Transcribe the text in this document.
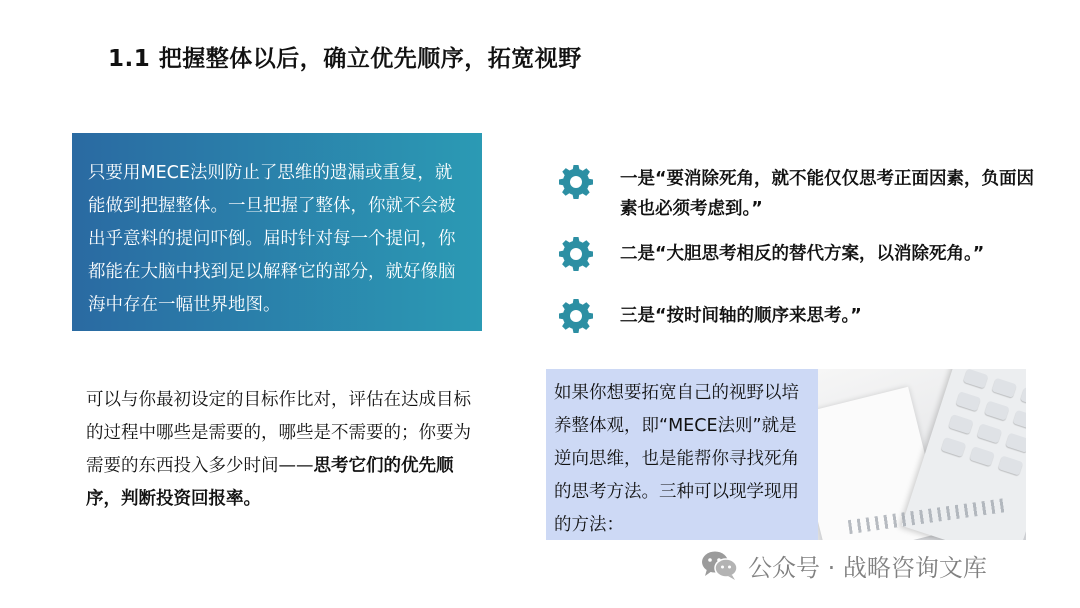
1.1 把握整体以后，确立优先顺序，拓宽视野
只要用MECE法则防止了思维的遗漏或重复，就能做到把握整体。一旦把握了整体，你就不会被出乎意料的提问吓倒。届时针对每一个提问，你都能在大脑中找到足以解释它的部分，就好像脑海中存在一幅世界地图。
可以与你最初设定的目标作比对，评估在达成目标的过程中哪些是需要的，哪些是不需要的；你要为需要的东西投入多少时间——思考它们的优先顺序，判断投资回报率。
一是“要消除死角，就不能仅仅思考正面因素，负面因素也必须考虑到。”
二是“大胆思考相反的替代方案，以消除死角。”
三是“按时间轴的顺序来思考。”
如果你想要拓宽自己的视野以培养整体观，即“MECE法则”就是逆向思维，也是能帮你寻找死角的思考方法。三种可以现学现用的方法：
公众号 · 战略咨询文库
